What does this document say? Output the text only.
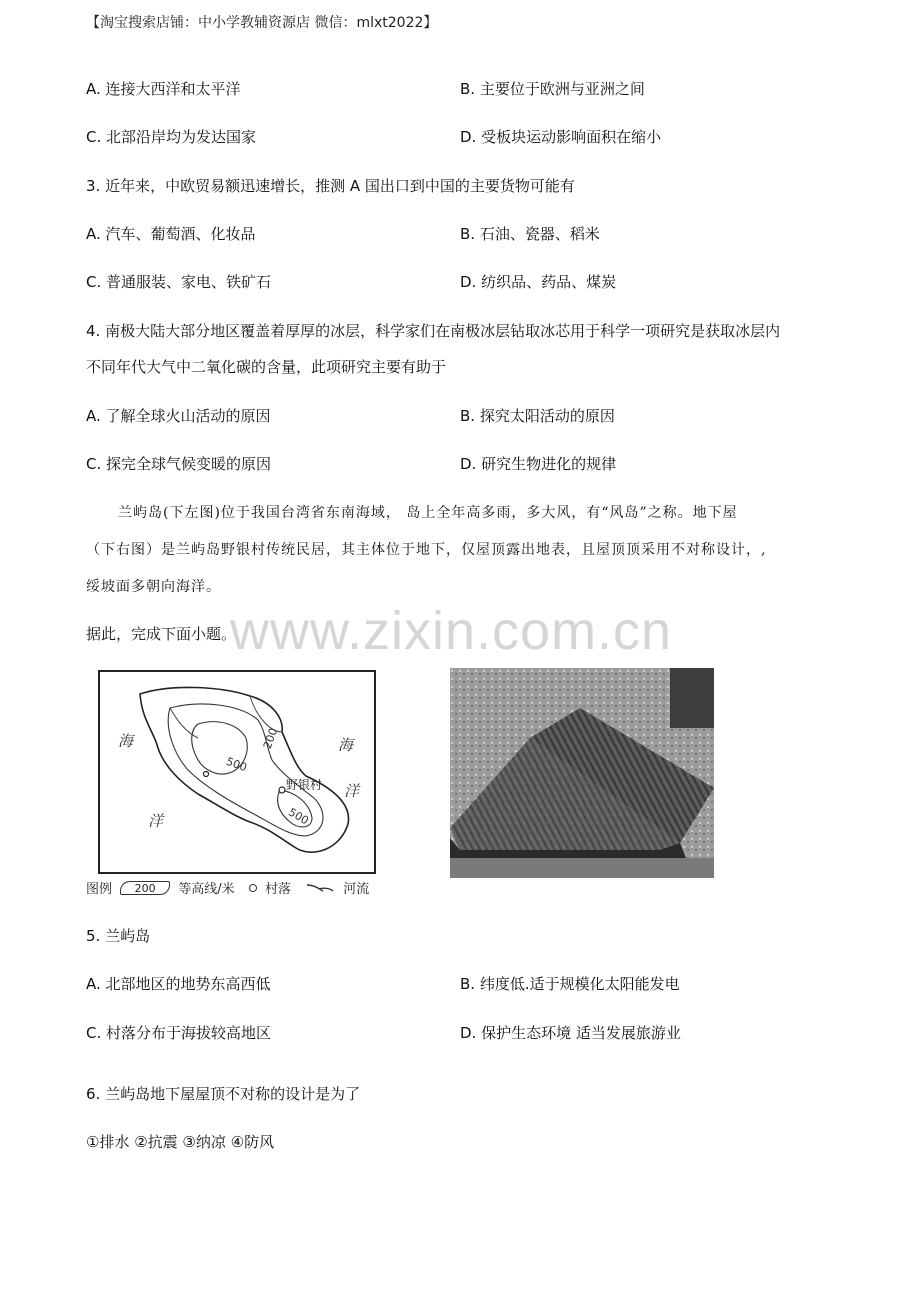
【淘宝搜索店铺：中小学教辅资源店 微信：mlxt2022】
A. 连接大西洋和太平洋	B. 主要位于欧洲与亚洲之间
C. 北部沿岸均为发达国家	D. 受板块运动影响面积在缩小
3. 近年来，中欧贸易额迅速增长，推测 A 国出口到中国的主要货物可能有
A. 汽车、葡萄酒、化妆品	B. 石油、瓷器、稻米
C. 普通服装、家电、铁矿石	D. 纺织品、药品、煤炭
4. 南极大陆大部分地区覆盖着厚厚的冰层，科学家们在南极冰层钻取冰芯用于科学一项研究是获取冰层内
不同年代大气中二氧化碳的含量，此项研究主要有助于
A. 了解全球火山活动的原因	B. 探究太阳活动的原因
C. 探完全球气候变暖的原因	D. 研究生物进化的规律
兰屿岛(下左图)位于我国台湾省东南海域， 岛上全年高多雨，多大风，有“风岛”之称。地下屋
（下右图）是兰屿岛野银村传统民居，其主体位于地下，仅屋顶露出地表，且屋顶顶采用不对称设计，,
绥坡面多朝向海洋。
据此，完成下面小题。
www.zixin.com.cn
海
洋
海
洋
200
500
500
野银村
图例 200 等高线/米 村落	河流
5. 兰屿岛
A. 北部地区的地势东高西低	B. 纬度低.适于规模化太阳能发电
C. 村落分布于海拔较高地区	D. 保护生态环境 适当发展旅游业
6. 兰屿岛地下屋屋顶不对称的设计是为了
①排水 ②抗震 ③纳凉 ④防风
